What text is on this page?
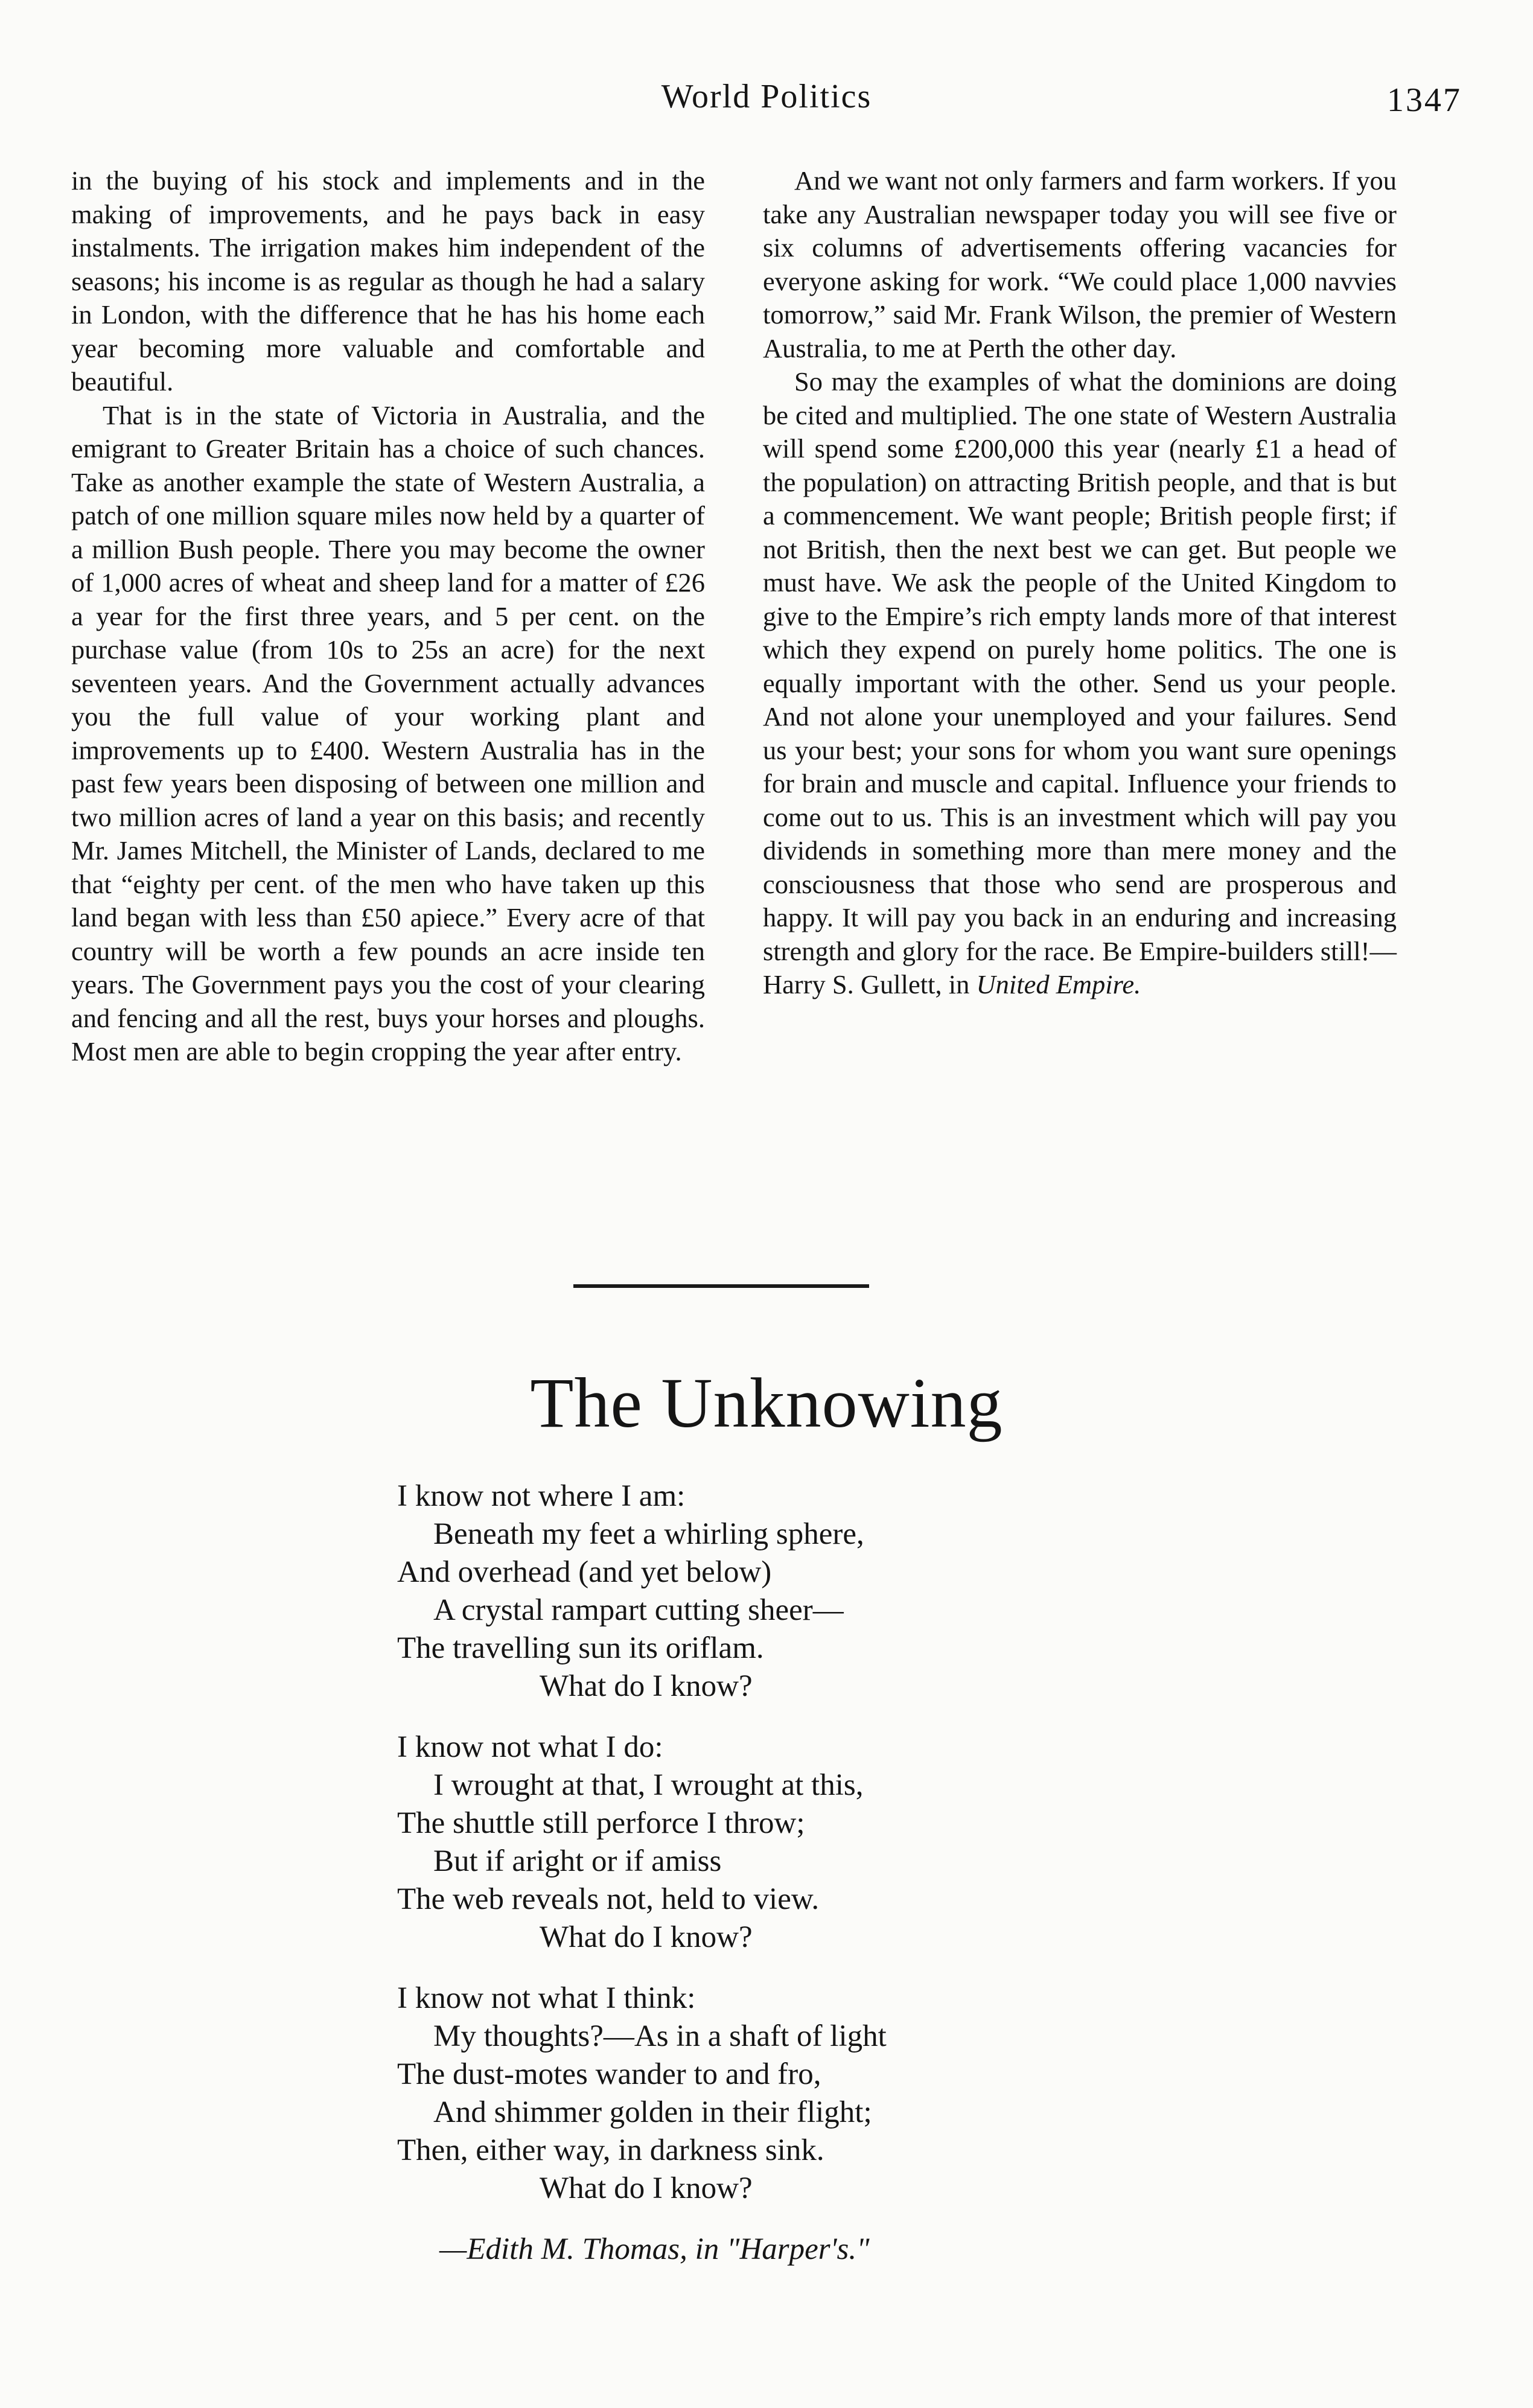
World Politics	1347

in the buying of his stock and implements and in the making of improvements, and he pays back in easy instalments. The irrigation makes him independent of the seasons; his income is as regular as though he had a salary in London, with the difference that he has his home each year becoming more valuable and comfortable and beautiful.

That is in the state of Victoria in Australia, and the emigrant to Greater Britain has a choice of such chances. Take as another example the state of Western Australia, a patch of one million square miles now held by a quarter of a million Bush people. There you may become the owner of 1,000 acres of wheat and sheep land for a matter of £26 a year for the first three years, and 5 per cent. on the purchase value (from 10s to 25s an acre) for the next seventeen years. And the Government actually advances you the full value of your working plant and improvements up to £400. Western Australia has in the past few years been disposing of between one million and two million acres of land a year on this basis; and recently Mr. James Mitchell, the Minister of Lands, declared to me that “eighty per cent. of the men who have taken up this land began with less than £50 apiece.” Every acre of that country will be worth a few pounds an acre inside ten years. The Government pays you the cost of your clearing and fencing and all the rest, buys your horses and ploughs. Most men are able to begin cropping the year after entry.

And we want not only farmers and farm workers. If you take any Australian newspaper today you will see five or six columns of advertisements offering vacancies for everyone asking for work. “We could place 1,000 navvies tomorrow,” said Mr. Frank Wilson, the premier of Western Australia, to me at Perth the other day.

So may the examples of what the dominions are doing be cited and multiplied. The one state of Western Australia will spend some £200,000 this year (nearly £1 a head of the population) on attracting British people, and that is but a commencement. We want people; British people first; if not British, then the next best we can get. But people we must have. We ask the people of the United Kingdom to give to the Empire’s rich empty lands more of that interest which they expend on purely home politics. The one is equally important with the other. Send us your people. And not alone your unemployed and your failures. Send us your best; your sons for whom you want sure openings for brain and muscle and capital. Influence your friends to come out to us. This is an investment which will pay you dividends in something more than mere money and the consciousness that those who send are prosperous and happy. It will pay you back in an enduring and increasing strength and glory for the race. Be Empire-builders still!—Harry S. Gullett, in United Empire.

The Unknowing
I know not where I am:
Beneath my feet a whirling sphere,
And overhead (and yet below)
A crystal rampart cutting sheer—
The travelling sun its oriflam.
What do I know?
I know not what I do:
I wrought at that, I wrought at this,
The shuttle still perforce I throw;
But if aright or if amiss
The web reveals not, held to view.
What do I know?
I know not what I think:
My thoughts?—As in a shaft of light
The dust-motes wander to and fro,
And shimmer golden in their flight;
Then, either way, in darkness sink.
What do I know?
—Edith M. Thomas, in "Harper's."
